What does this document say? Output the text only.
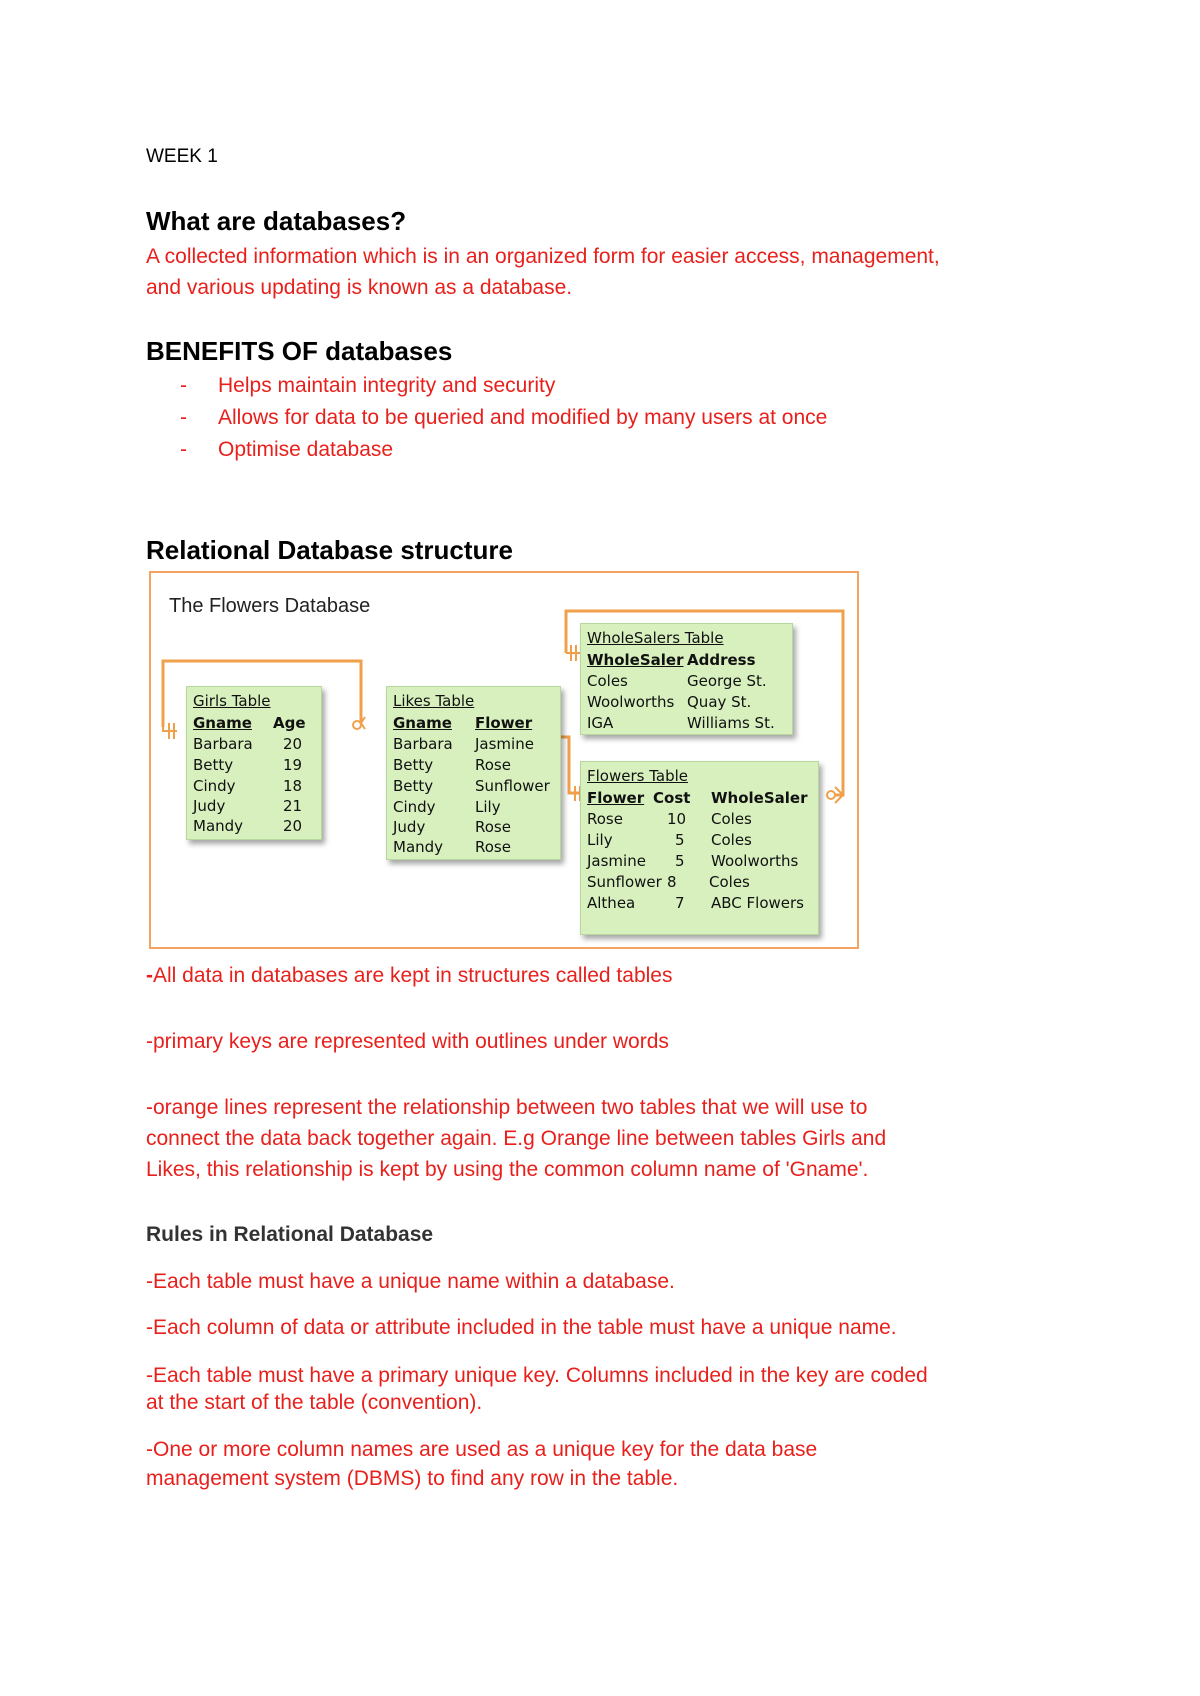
WEEK 1
What are databases?
A collected information which is in an organized form for easier access, management,
and various updating is known as a database.
BENEFITS OF databases
-	Helps maintain integrity and security
-	Allows for data to be queried and modified by many users at once
-	Optimise database
Relational Database structure
The Flowers Database
Girls Table
Gname Age
Barbara 20
Betty	19
Cindy	18
Judy	21
Mandy	20
Likes Table
Gname Flower
Barbara Jasmine
Betty	Rose
Betty	Sunflower
Cindy	Lily
Judy	Rose
Mandy Rose
WholeSalers Table
WholeSaler Address
Coles	George St.
Woolworths Quay St.
IGA	Williams St.
Flowers Table
Flower Cost WholeSaler
Rose	10 Coles
Lily	5 Coles
Jasmine 5 Woolworths
Sunflower 8 Coles
Althea	7 ABC Flowers
-All data in databases are kept in structures called tables
-primary keys are represented with outlines under words
-orange lines represent the relationship between two tables that we will use to
connect the data back together again. E.g Orange line between tables Girls and
Likes, this relationship is kept by using the common column name of 'Gname'.
Rules in Relational Database
-Each table must have a unique name within a database.
-Each column of data or attribute included in the table must have a unique name.
-Each table must have a primary unique key. Columns included in the key are coded
at the start of the table (convention).
-One or more column names are used as a unique key for the data base
management system (DBMS) to find any row in the table.
